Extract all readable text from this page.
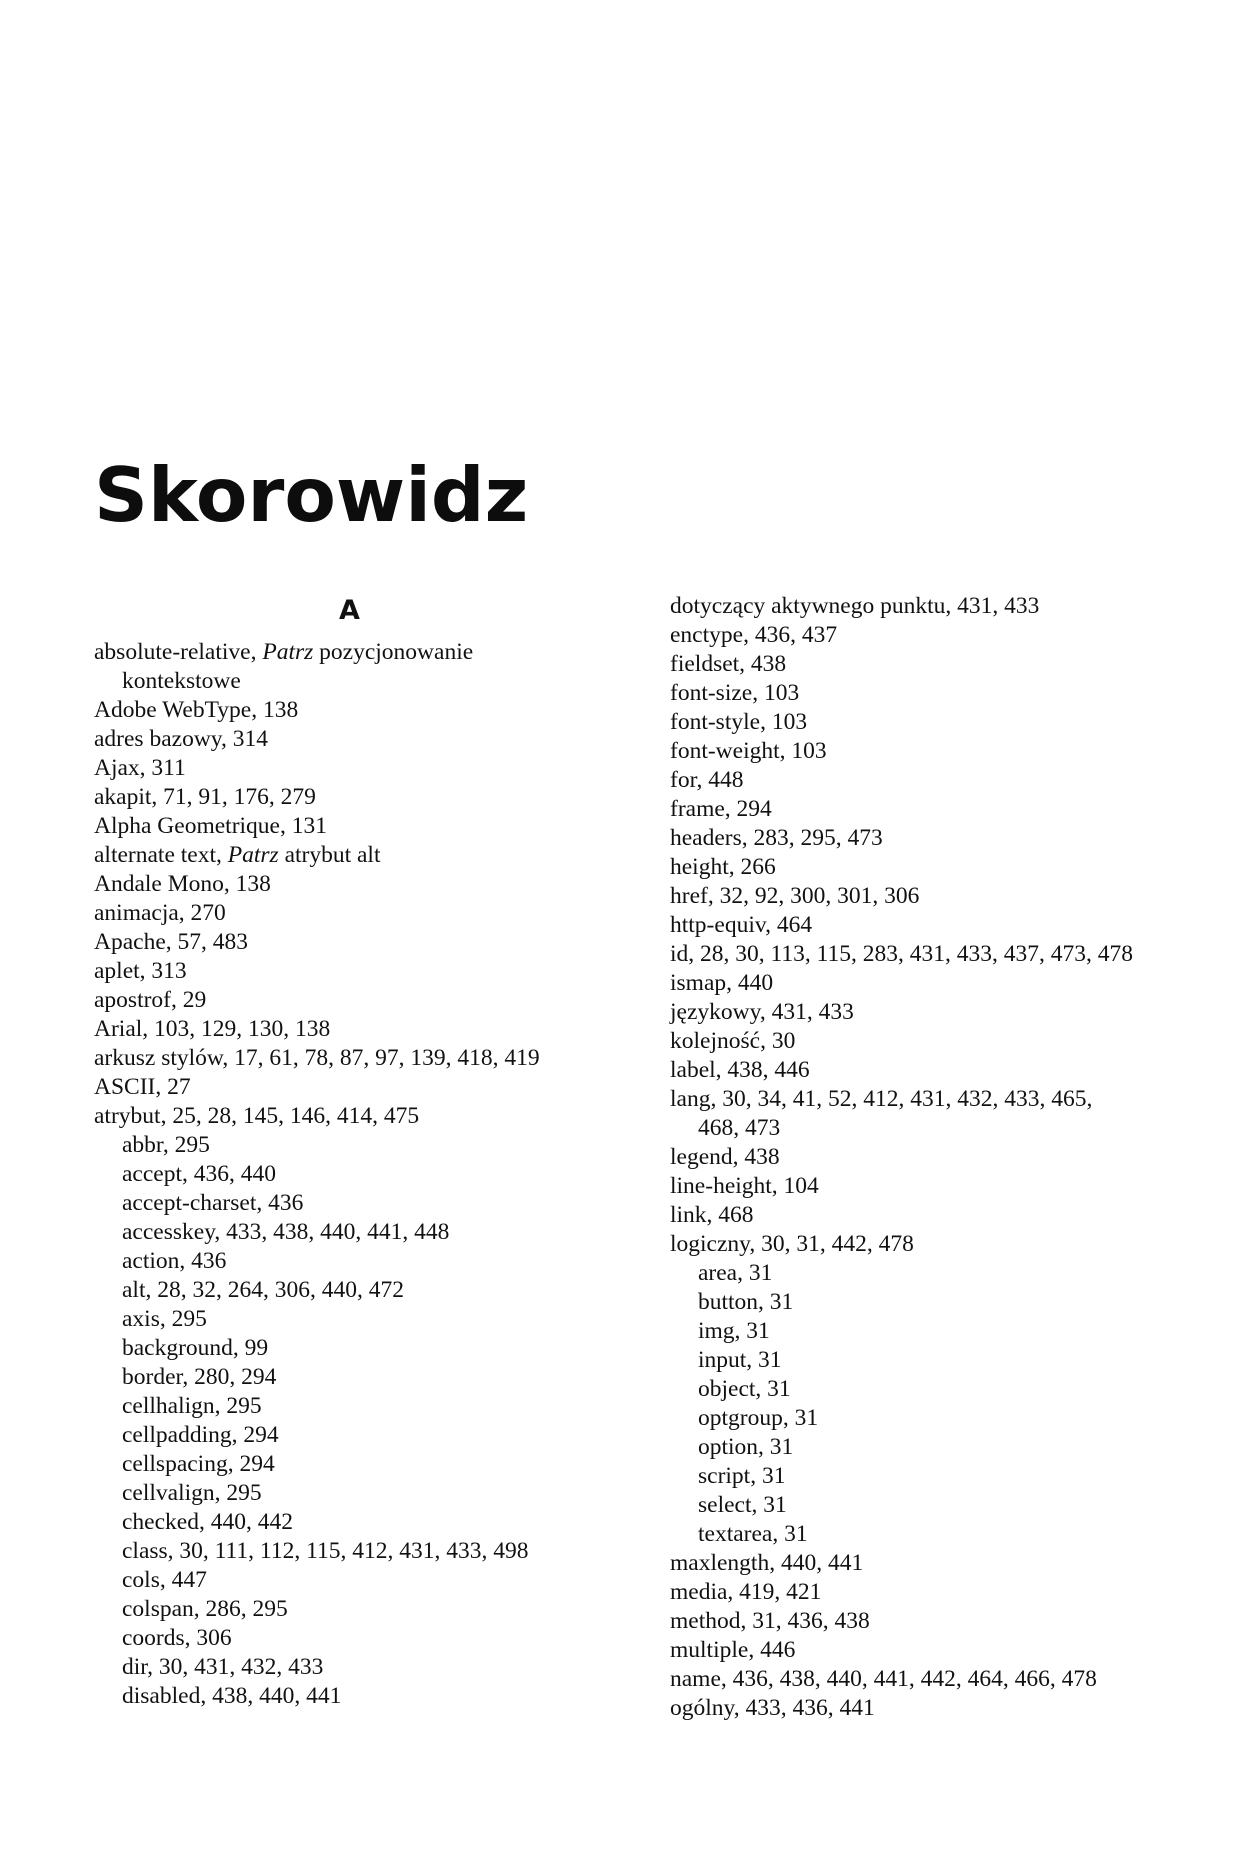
Skorowidz
A
absolute-relative, Patrz pozycjonowanie
kontekstowe
Adobe WebType, 138
adres bazowy, 314
Ajax, 311
akapit, 71, 91, 176, 279
Alpha Geometrique, 131
alternate text, Patrz atrybut alt
Andale Mono, 138
animacja, 270
Apache, 57, 483
aplet, 313
apostrof, 29
Arial, 103, 129, 130, 138
arkusz stylów, 17, 61, 78, 87, 97, 139, 418, 419
ASCII, 27
atrybut, 25, 28, 145, 146, 414, 475
abbr, 295
accept, 436, 440
accept-charset, 436
accesskey, 433, 438, 440, 441, 448
action, 436
alt, 28, 32, 264, 306, 440, 472
axis, 295
background, 99
border, 280, 294
cellhalign, 295
cellpadding, 294
cellspacing, 294
cellvalign, 295
checked, 440, 442
class, 30, 111, 112, 115, 412, 431, 433, 498
cols, 447
colspan, 286, 295
coords, 306
dir, 30, 431, 432, 433
disabled, 438, 440, 441
dotyczący aktywnego punktu, 431, 433
enctype, 436, 437
fieldset, 438
font-size, 103
font-style, 103
font-weight, 103
for, 448
frame, 294
headers, 283, 295, 473
height, 266
href, 32, 92, 300, 301, 306
http-equiv, 464
id, 28, 30, 113, 115, 283, 431, 433, 437, 473, 478
ismap, 440
językowy, 431, 433
kolejność, 30
label, 438, 446
lang, 30, 34, 41, 52, 412, 431, 432, 433, 465,
468, 473
legend, 438
line-height, 104
link, 468
logiczny, 30, 31, 442, 478
area, 31
button, 31
img, 31
input, 31
object, 31
optgroup, 31
option, 31
script, 31
select, 31
textarea, 31
maxlength, 440, 441
media, 419, 421
method, 31, 436, 438
multiple, 446
name, 436, 438, 440, 441, 442, 464, 466, 478
ogólny, 433, 436, 441
